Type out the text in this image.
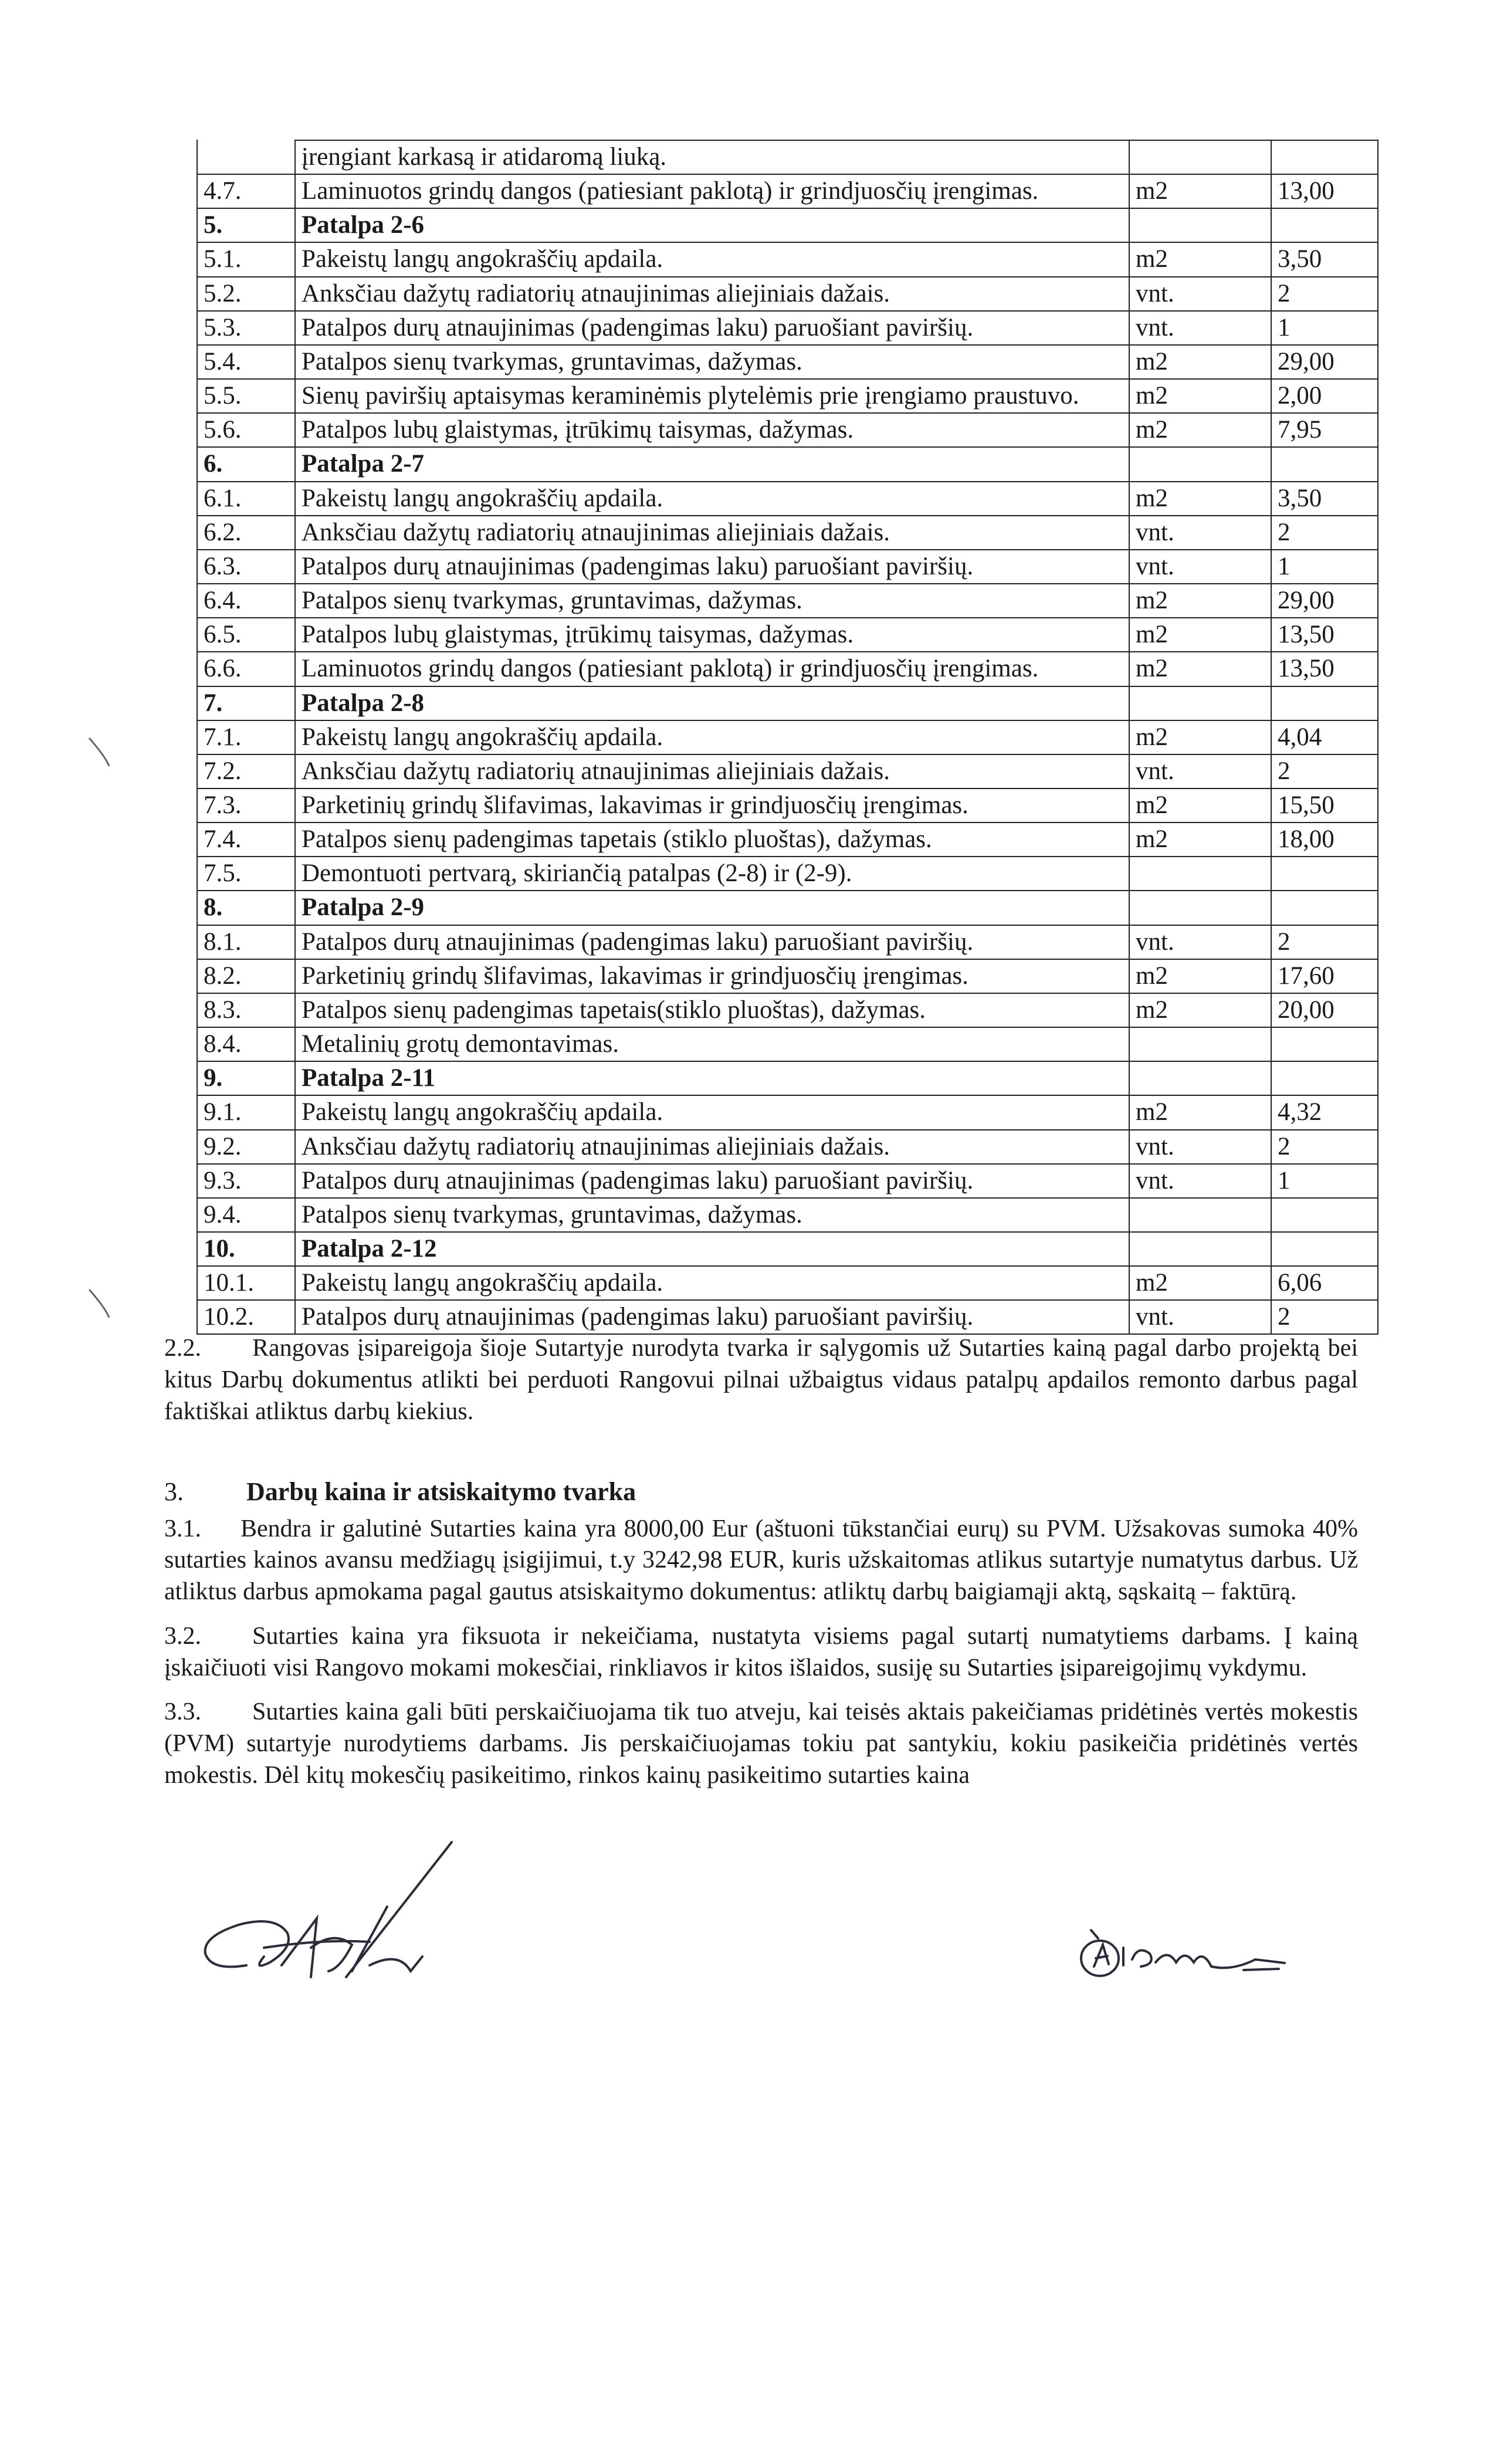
	įrengiant karkasą ir atidaromą liuką.		
4.7.	Laminuotos grindų dangos (patiesiant paklotą) ir grindjuosčių įrengimas.	m2	13,00
5.	Patalpa 2-6		
5.1.	Pakeistų langų angokraščių apdaila.	m2	3,50
5.2.	Anksčiau dažytų radiatorių atnaujinimas aliejiniais dažais.	vnt.	2
5.3.	Patalpos durų atnaujinimas (padengimas laku) paruošiant paviršių.	vnt.	1
5.4.	Patalpos sienų tvarkymas, gruntavimas, dažymas.	m2	29,00
5.5.	Sienų paviršių aptaisymas keraminėmis plytelėmis prie įrengiamo praustuvo.	m2	2,00
5.6.	Patalpos lubų glaistymas, įtrūkimų taisymas, dažymas.	m2	7,95
6.	Patalpa 2-7		
6.1.	Pakeistų langų angokraščių apdaila.	m2	3,50
6.2.	Anksčiau dažytų radiatorių atnaujinimas aliejiniais dažais.	vnt.	2
6.3.	Patalpos durų atnaujinimas (padengimas laku) paruošiant paviršių.	vnt.	1
6.4.	Patalpos sienų tvarkymas, gruntavimas, dažymas.	m2	29,00
6.5.	Patalpos lubų glaistymas, įtrūkimų taisymas, dažymas.	m2	13,50
6.6.	Laminuotos grindų dangos (patiesiant paklotą) ir grindjuosčių įrengimas.	m2	13,50
7.	Patalpa 2-8		
7.1.	Pakeistų langų angokraščių apdaila.	m2	4,04
7.2.	Anksčiau dažytų radiatorių atnaujinimas aliejiniais dažais.	vnt.	2
7.3.	Parketinių grindų šlifavimas, lakavimas ir grindjuosčių įrengimas.	m2	15,50
7.4.	Patalpos sienų padengimas tapetais (stiklo pluoštas), dažymas.	m2	18,00
7.5.	Demontuoti pertvarą, skiriančią patalpas (2-8) ir (2-9).		
8.	Patalpa 2-9		
8.1.	Patalpos durų atnaujinimas (padengimas laku) paruošiant paviršių.	vnt.	2
8.2.	Parketinių grindų šlifavimas, lakavimas ir grindjuosčių įrengimas.	m2	17,60
8.3.	Patalpos sienų padengimas tapetais(stiklo pluoštas), dažymas.	m2	20,00
8.4.	Metalinių grotų demontavimas.		
9.	Patalpa 2-11		
9.1.	Pakeistų langų angokraščių apdaila.	m2	4,32
9.2.	Anksčiau dažytų radiatorių atnaujinimas aliejiniais dažais.	vnt.	2
9.3.	Patalpos durų atnaujinimas (padengimas laku) paruošiant paviršių.	vnt.	1
9.4.	Patalpos sienų tvarkymas, gruntavimas, dažymas.		
10.	Patalpa 2-12		
10.1.	Pakeistų langų angokraščių apdaila.	m2	6,06
10.2.	Patalpos durų atnaujinimas (padengimas laku) paruošiant paviršių.	vnt.	2

2.2. Rangovas įsipareigoja šioje Sutartyje nurodyta tvarka ir sąlygomis už Sutarties kainą pagal darbo projektą bei kitus Darbų dokumentus atlikti bei perduoti Rangovui pilnai užbaigtus vidaus patalpų apdailos remonto darbus pagal faktiškai atliktus darbų kiekius.

3. Darbų kaina ir atsiskaitymo tvarka

3.1. Bendra ir galutinė Sutarties kaina yra 8000,00 Eur (aštuoni tūkstančiai eurų) su PVM. Užsakovas sumoka 40% sutarties kainos avansu medžiagų įsigijimui, t.y 3242,98 EUR, kuris užskaitomas atlikus sutartyje numatytus darbus. Už atliktus darbus apmokama pagal gautus atsiskaitymo dokumentus: atliktų darbų baigiamąji aktą, sąskaitą – faktūrą.

3.2. Sutarties kaina yra fiksuota ir nekeičiama, nustatyta visiems pagal sutartį numatytiems darbams. Į kainą įskaičiuoti visi Rangovo mokami mokesčiai, rinkliavos ir kitos išlaidos, susiję su Sutarties įsipareigojimų vykdymu.

3.3. Sutarties kaina gali būti perskaičiuojama tik tuo atveju, kai teisės aktais pakeičiamas pridėtinės vertės mokestis (PVM) sutartyje nurodytiems darbams. Jis perskaičiuojamas tokiu pat santykiu, kokiu pasikeičia pridėtinės vertės mokestis. Dėl kitų mokesčių pasikeitimo, rinkos kainų pasikeitimo sutarties kaina
